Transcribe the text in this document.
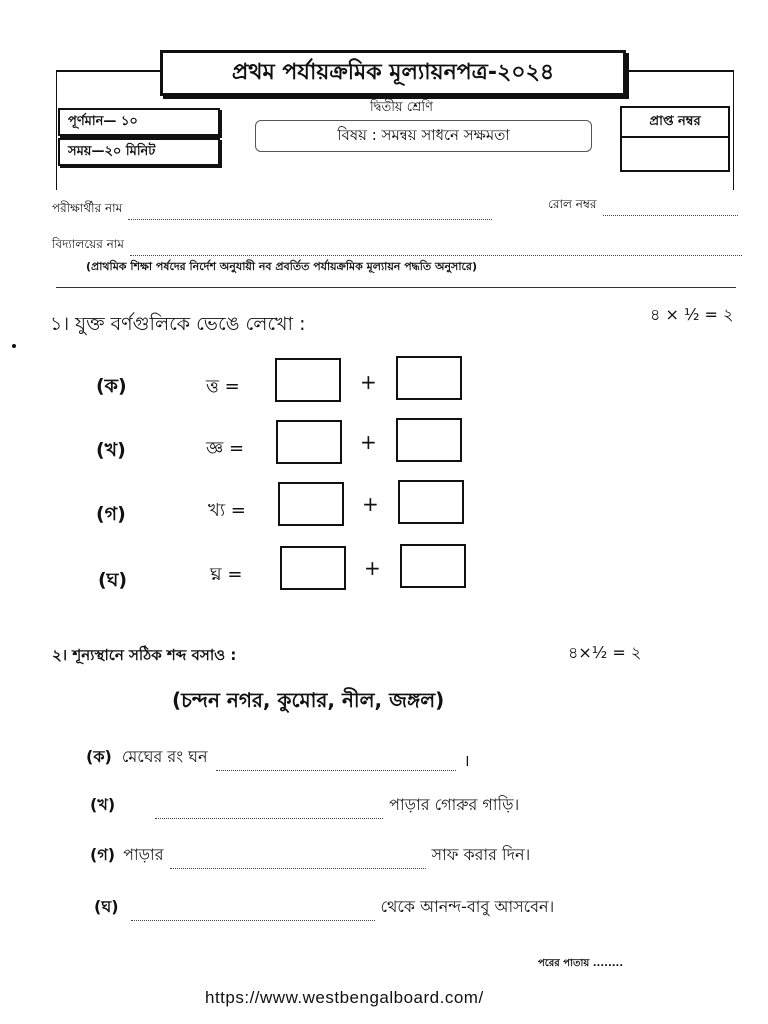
প্রথম পর্যায়ক্রমিক মূল্যায়নপত্র-২০২৪
দ্বিতীয় শ্রেণি
পূর্ণমান— ১০
সময়—২০ মিনিট
বিষয় : সমন্বয় সাধনে সক্ষমতা
প্রাপ্ত নম্বর
পরীক্ষার্থীর নাম	রোল নম্বর
বিদ্যালয়ের নাম
(প্রাথমিক শিক্ষা পর্ষদের নির্দেশ অনুযায়ী নব প্রবর্তিত পর্যায়ক্রমিক মূল্যায়ন পদ্ধতি অনুসারে)
১। যুক্ত বর্ণগুলিকে ভেঙে লেখো :	৪ × ½ = ২
(ক)	ত্ত =	+
(খ)	জ্ঞ =	+
(গ)	খ্য =	+
(ঘ)	ঘ্ন =	+
২। শূন্যস্থানে সঠিক শব্দ বসাও :	৪×½ = ২
(চন্দন নগর, কুমোর, নীল, জঙ্গল)
(ক) মেঘের রং ঘন	।
(খ)	পাড়ার গোরুর গাড়ি।
(গ) পাড়ার	সাফ করার দিন।
(ঘ)	থেকে আনন্দ-বাবু আসবেন।
পরের পাতায় ........
https://www.westbengalboard.com/
